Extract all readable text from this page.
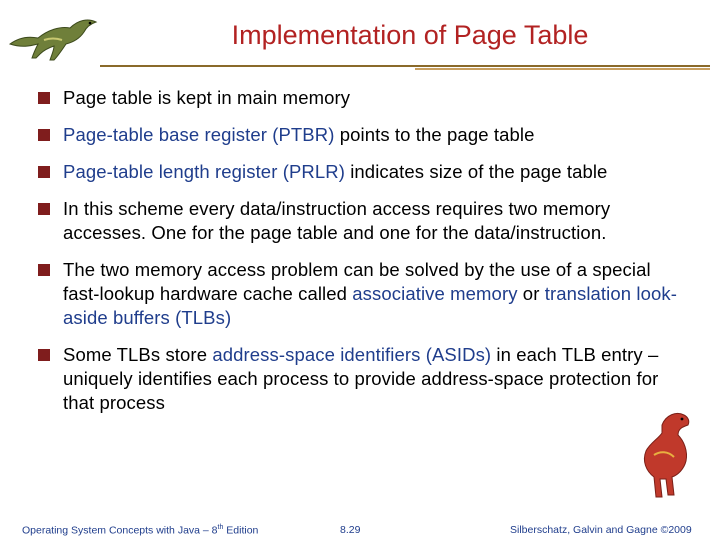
Implementation of Page Table
Page table is kept in main memory
Page-table base register (PTBR) points to the page table
Page-table length register (PRLR) indicates size of the page table
In this scheme every data/instruction access requires two memory accesses. One for the page table and one for the data/instruction.
The two memory access problem can be solved by the use of a special fast-lookup hardware cache called associative memory or translation look-aside buffers (TLBs)
Some TLBs store address-space identifiers (ASIDs) in each TLB entry – uniquely identifies each process to provide address-space protection for that process
Operating System Concepts with Java – 8th Edition	8.29	Silberschatz, Galvin and Gagne ©2009
